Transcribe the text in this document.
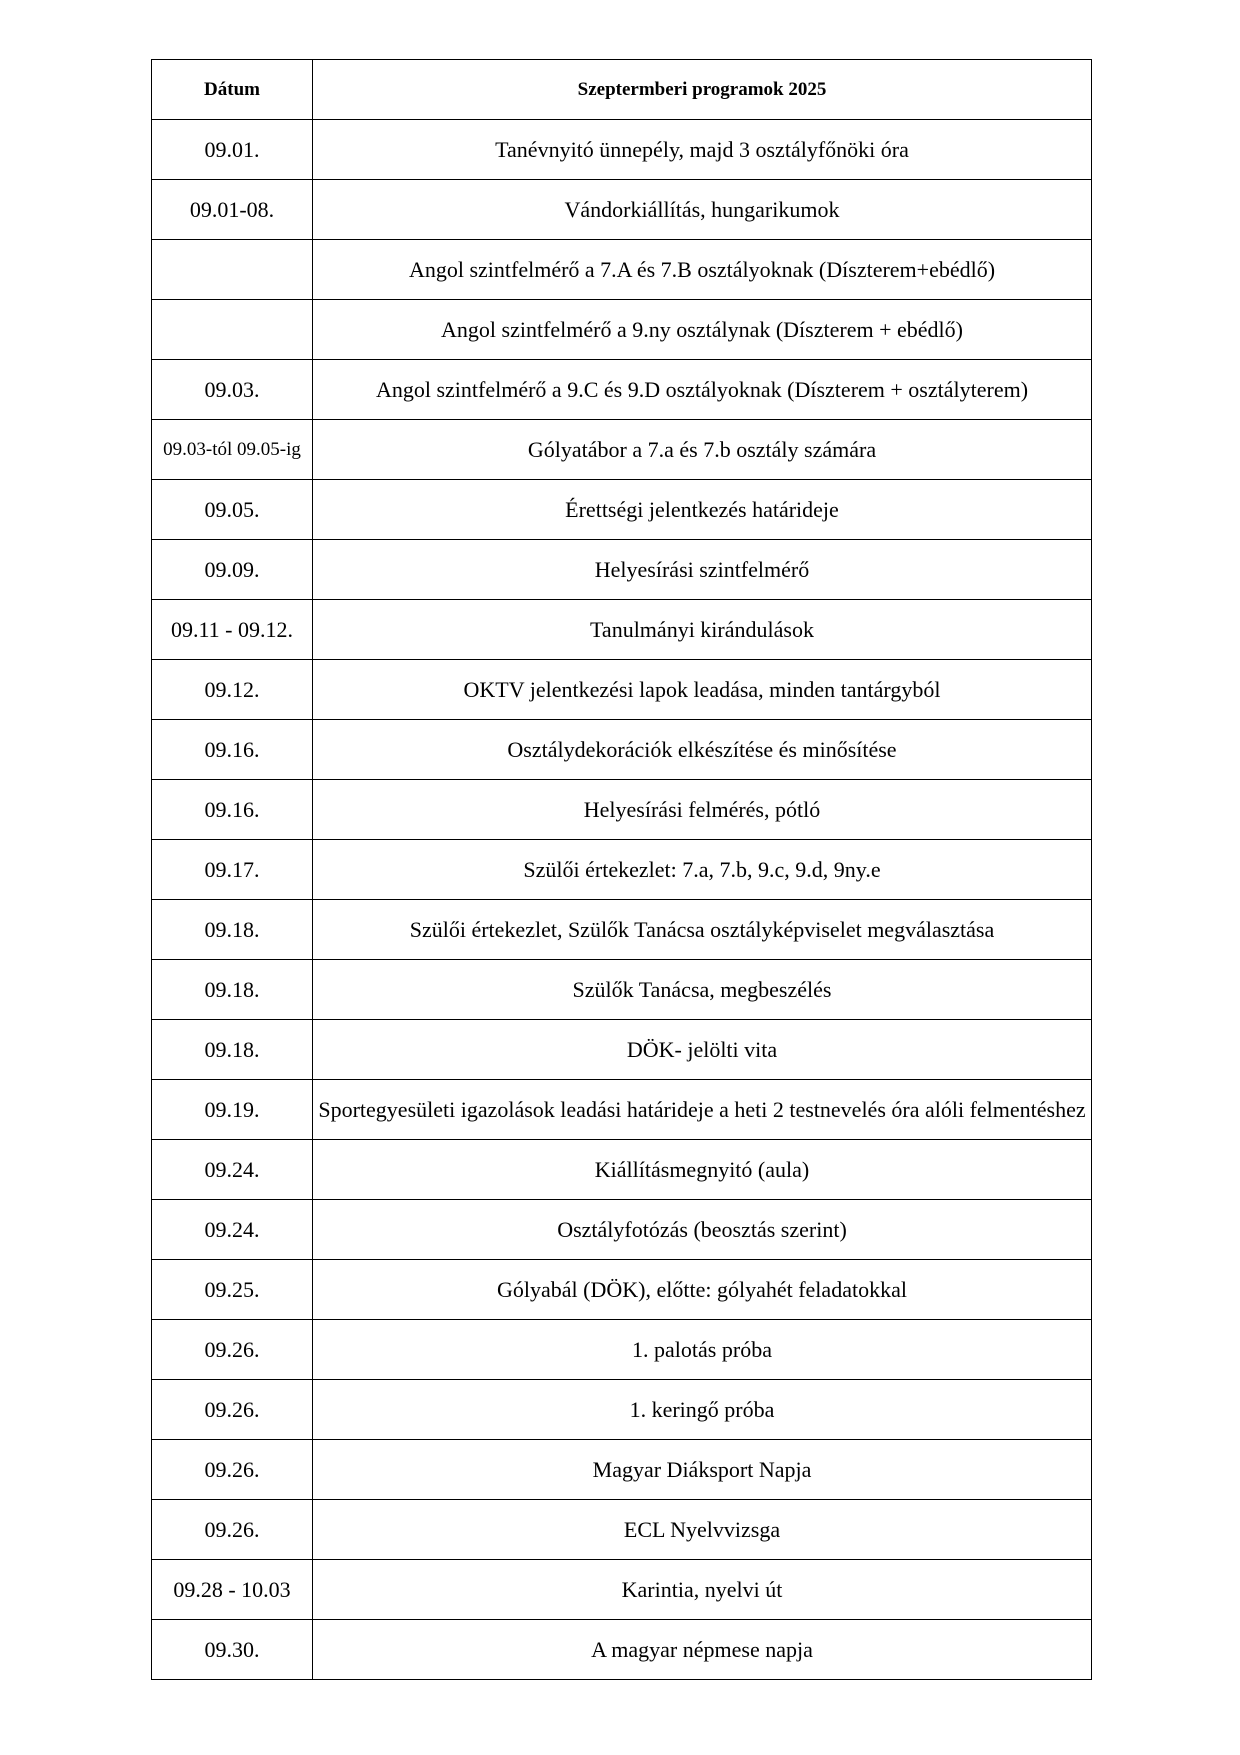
Dátum	Szeptermberi programok 2025
09.01.	Tanévnyitó ünnepély, majd 3 osztályfőnöki óra
09.01-08.	Vándorkiállítás, hungarikumok
	Angol szintfelmérő a 7.A és 7.B osztályoknak (Díszterem+ebédlő)
	Angol szintfelmérő a 9.ny osztálynak (Díszterem + ebédlő)
09.03.	Angol szintfelmérő a 9.C és 9.D osztályoknak (Díszterem + osztályterem)
09.03-tól 09.05-ig	Gólyatábor a 7.a és 7.b osztály számára
09.05.	Érettségi jelentkezés határideje
09.09.	Helyesírási szintfelmérő
09.11 - 09.12.	Tanulmányi kirándulások
09.12.	OKTV jelentkezési lapok leadása, minden tantárgyból
09.16.	Osztálydekorációk elkészítése és minősítése
09.16.	Helyesírási felmérés, pótló
09.17.	Szülői értekezlet: 7.a, 7.b, 9.c, 9.d, 9ny.e
09.18.	Szülői értekezlet, Szülők Tanácsa osztályképviselet megválasztása
09.18.	Szülők Tanácsa, megbeszélés
09.18.	DÖK- jelölti vita
09.19.	Sportegyesületi igazolások leadási határideje a heti 2 testnevelés óra alóli felmentéshez
09.24.	Kiállításmegnyitó (aula)
09.24.	Osztályfotózás (beosztás szerint)
09.25.	Gólyabál (DÖK), előtte: gólyahét feladatokkal
09.26.	1. palotás próba
09.26.	1. keringő próba
09.26.	Magyar Diáksport Napja
09.26.	ECL Nyelvvizsga
09.28 - 10.03	Karintia, nyelvi út
09.30.	A magyar népmese napja
